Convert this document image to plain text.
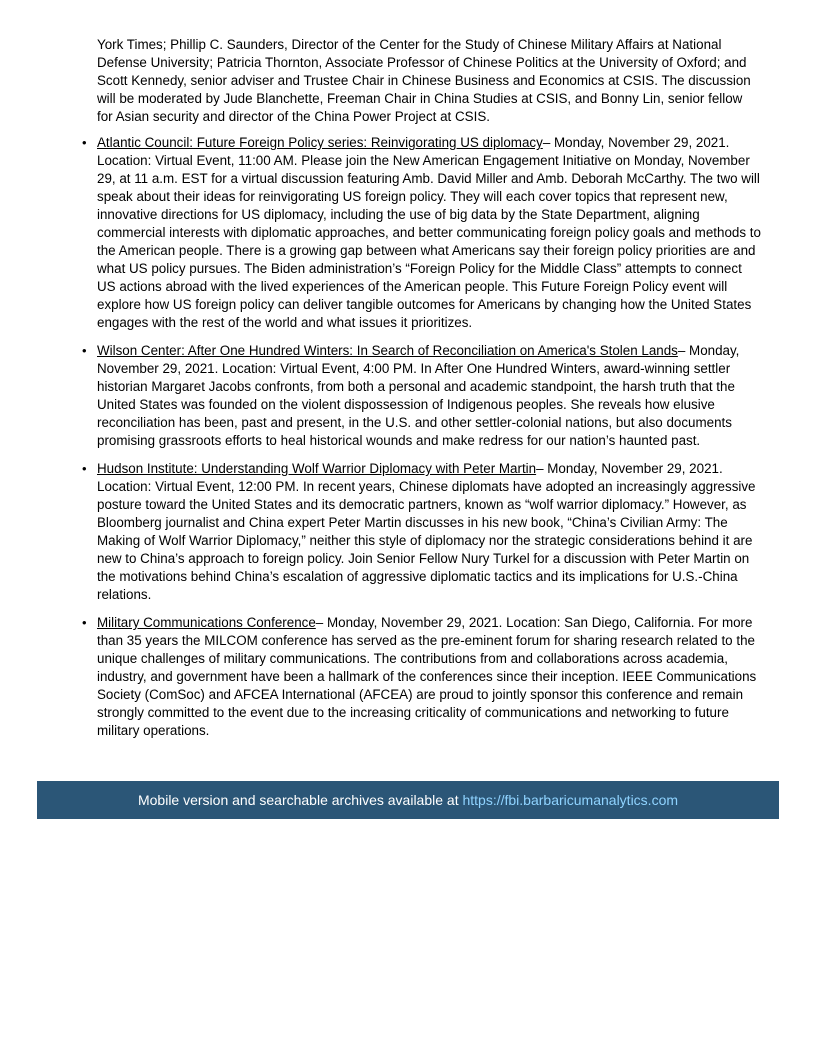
York Times; Phillip C. Saunders, Director of the Center for the Study of Chinese Military Affairs at National Defense University; Patricia Thornton, Associate Professor of Chinese Politics at the University of Oxford; and Scott Kennedy, senior adviser and Trustee Chair in Chinese Business and Economics at CSIS. The discussion will be moderated by Jude Blanchette, Freeman Chair in China Studies at CSIS, and Bonny Lin, senior fellow for Asian security and director of the China Power Project at CSIS.

• Atlantic Council: Future Foreign Policy series: Reinvigorating US diplomacy– Monday, November 29, 2021. Location: Virtual Event, 11:00 AM. Please join the New American Engagement Initiative on Monday, November 29, at 11 a.m. EST for a virtual discussion featuring Amb. David Miller and Amb. Deborah McCarthy. The two will speak about their ideas for reinvigorating US foreign policy. They will each cover topics that represent new, innovative directions for US diplomacy, including the use of big data by the State Department, aligning commercial interests with diplomatic approaches, and better communicating foreign policy goals and methods to the American people. There is a growing gap between what Americans say their foreign policy priorities are and what US policy pursues. The Biden administration’s “Foreign Policy for the Middle Class” attempts to connect US actions abroad with the lived experiences of the American people. This Future Foreign Policy event will explore how US foreign policy can deliver tangible outcomes for Americans by changing how the United States engages with the rest of the world and what issues it prioritizes.
• Wilson Center: After One Hundred Winters: In Search of Reconciliation on America's Stolen Lands– Monday, November 29, 2021. Location: Virtual Event, 4:00 PM. In After One Hundred Winters, award-winning settler historian Margaret Jacobs confronts, from both a personal and academic standpoint, the harsh truth that the United States was founded on the violent dispossession of Indigenous peoples. She reveals how elusive reconciliation has been, past and present, in the U.S. and other settler-colonial nations, but also documents promising grassroots efforts to heal historical wounds and make redress for our nation’s haunted past.
• Hudson Institute: Understanding Wolf Warrior Diplomacy with Peter Martin– Monday, November 29, 2021. Location: Virtual Event, 12:00 PM. In recent years, Chinese diplomats have adopted an increasingly aggressive posture toward the United States and its democratic partners, known as “wolf warrior diplomacy.” However, as Bloomberg journalist and China expert Peter Martin discusses in his new book, “China’s Civilian Army: The Making of Wolf Warrior Diplomacy,” neither this style of diplomacy nor the strategic considerations behind it are new to China’s approach to foreign policy. Join Senior Fellow Nury Turkel for a discussion with Peter Martin on the motivations behind China’s escalation of aggressive diplomatic tactics and its implications for U.S.-China relations.
• Military Communications Conference– Monday, November 29, 2021. Location: San Diego, California. For more than 35 years the MILCOM conference has served as the pre-eminent forum for sharing research related to the unique challenges of military communications. The contributions from and collaborations across academia, industry, and government have been a hallmark of the conferences since their inception. IEEE Communications Society (ComSoc) and AFCEA International (AFCEA) are proud to jointly sponsor this conference and remain strongly committed to the event due to the increasing criticality of communications and networking to future military operations.
Mobile version and searchable archives available at https://fbi.barbaricumanalytics.com
